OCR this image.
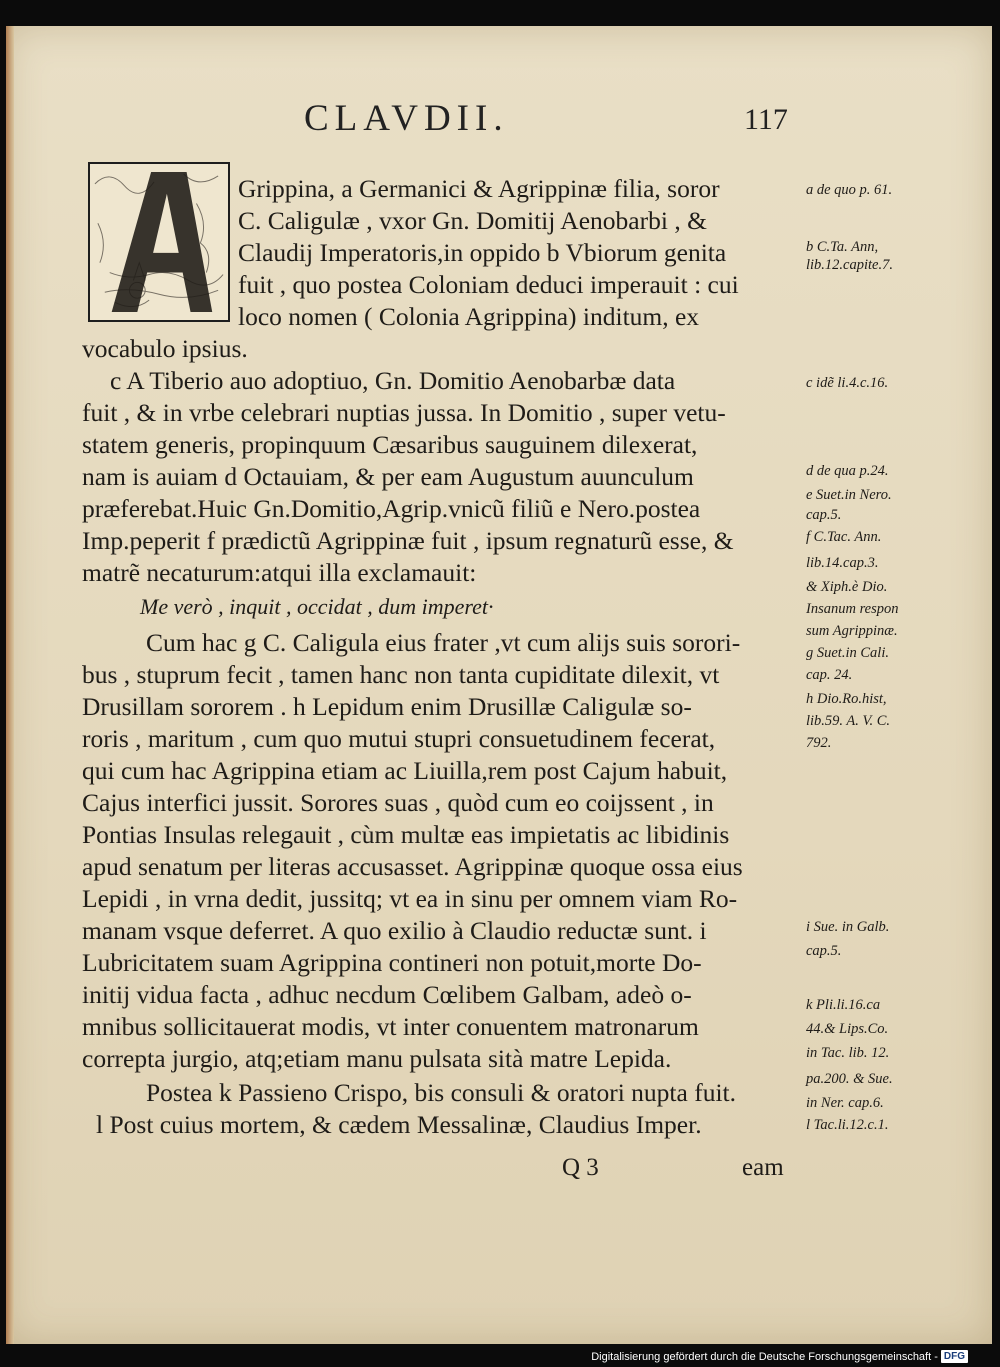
CLAVDII.	117
A
Grippina, a Germanici & Agrippinæ filia, soror
C. Caligulæ , vxor Gn. Domitij Aenobarbi , &
Claudij Imperatoris,in oppido b Vbiorum genita
fuit , quo postea Coloniam deduci imperauit : cui
loco nomen ( Colonia Agrippina) inditum, ex
vocabulo ipsius.
c A Tiberio auo adoptiuo, Gn. Domitio Aenobarbæ data
fuit , & in vrbe celebrari nuptias jussa. In Domitio , super vetu-
statem generis, propinquum Cæsaribus sauguinem dilexerat,
nam is auiam d Octauiam, & per eam Augustum auunculum
præferebat.Huic Gn.Domitio,Agrip.vnicũ filiũ e Nero.postea
Imp.peperit f prædictũ Agrippinæ fuit , ipsum regnaturũ esse, &
matrẽ necaturum:atqui illa exclamauit:
Me verò , inquit , occidat , dum imperet·
Cum hac g C. Caligula eius frater ,vt cum alijs suis sorori-
bus , stuprum fecit , tamen hanc non tanta cupiditate dilexit, vt
Drusillam sororem . h Lepidum enim Drusillæ Caligulæ so-
roris , maritum , cum quo mutui stupri consuetudinem fecerat,
qui cum hac Agrippina etiam ac Liuilla,rem post Cajum habuit,
Cajus interfici jussit. Sorores suas , quòd cum eo coijssent , in
Pontias Insulas relegauit , cùm multæ eas impietatis ac libidinis
apud senatum per literas accusasset. Agrippinæ quoque ossa eius
Lepidi , in vrna dedit, jussitq; vt ea in sinu per omnem viam Ro-
manam vsque deferret. A quo exilio à Claudio reductæ sunt. i
Lubricitatem suam Agrippina contineri non potuit,morte Do-
initij vidua facta , adhuc necdum Cœlibem Galbam, adeò o-
mnibus sollicitauerat modis, vt inter conuentem matronarum
correpta jurgio, atq;etiam manu pulsata sità matre Lepida.
Postea k Passieno Crispo, bis consuli & oratori nupta fuit.
l Post cuius mortem, & cædem Messalinæ, Claudius Imper.
a de quo p. 61.
b C.Ta. Ann,
lib.12.capite.7.
c idẽ li.4.c.16.
d de qua p.24.
e Suet.in Nero.
cap.5.
f C.Tac. Ann.
lib.14.cap.3.
& Xiph.è Dio.
Insanum respon
sum Agrippinæ.
g Suet.in Cali.
cap. 24.
h Dio.Ro.hist,
lib.59. A. V. C.
792.
i Sue. in Galb.
cap.5.
k Pli.li.16.ca
44.& Lips.Co.
in Tac. lib. 12.
pa.200. & Sue.
in Ner. cap.6.
l Tac.li.12.c.1.
Q 3	eam
Digitalisierung gefördert durch die Deutsche Forschungsgemeinschaft - DFG
